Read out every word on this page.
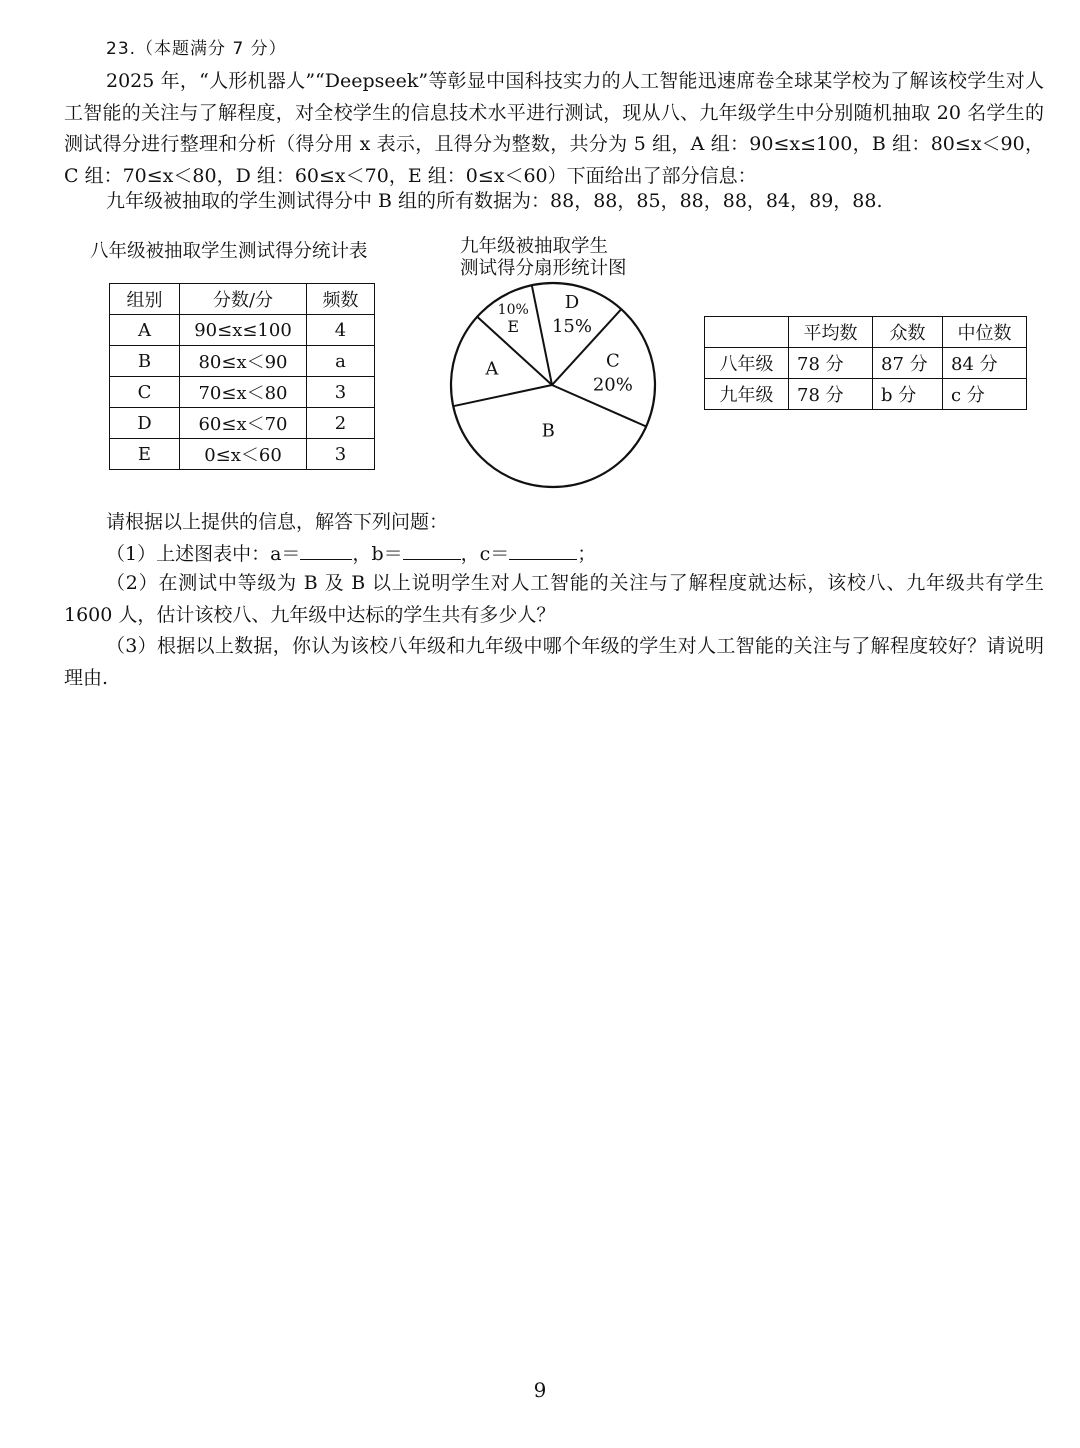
23.（本题满分 7 分）

2025 年，“人形机器人”“Deepseek”等彰显中国科技实力的人工智能迅速席卷全球某学校为了解该校学生对人工智能的关注与了解程度，对全校学生的信息技术水平进行测试，现从八、九年级学生中分别随机抽取 20 名学生的测试得分进行整理和分析（得分用 x 表示，且得分为整数，共分为 5 组，A 组：90≤x≤100，B 组：80≤x＜90，C 组：70≤x＜80，D 组：60≤x＜70，E 组：0≤x＜60）下面给出了部分信息：

九年级被抽取的学生测试得分中 B 组的所有数据为：88，88，85，88，88，84，89，88.

八年级被抽取学生测试得分统计表
组别	分数/分	频数
A	90≤x≤100	4
B	80≤x＜90	a
C	70≤x＜80	3
D	60≤x＜70	2
E	0≤x＜60	3
九年级被抽取学生
测试得分扇形统计图
D
15%
C
20%
B
A
10%
E
		平均数	众数	中位数
八年级	78 分	87 分	84 分
九年级	78 分	b 分	c 分

请根据以上提供的信息，解答下列问题：

（1）上述图表中：a＝	，b＝	，c＝	；

（2）在测试中等级为 B 及 B 以上说明学生对人工智能的关注与了解程度就达标，该校八、九年级共有学生 1600 人，估计该校八、九年级中达标的学生共有多少人？

（3）根据以上数据，你认为该校八年级和九年级中哪个年级的学生对人工智能的关注与了解程度较好？请说明理由.

9
